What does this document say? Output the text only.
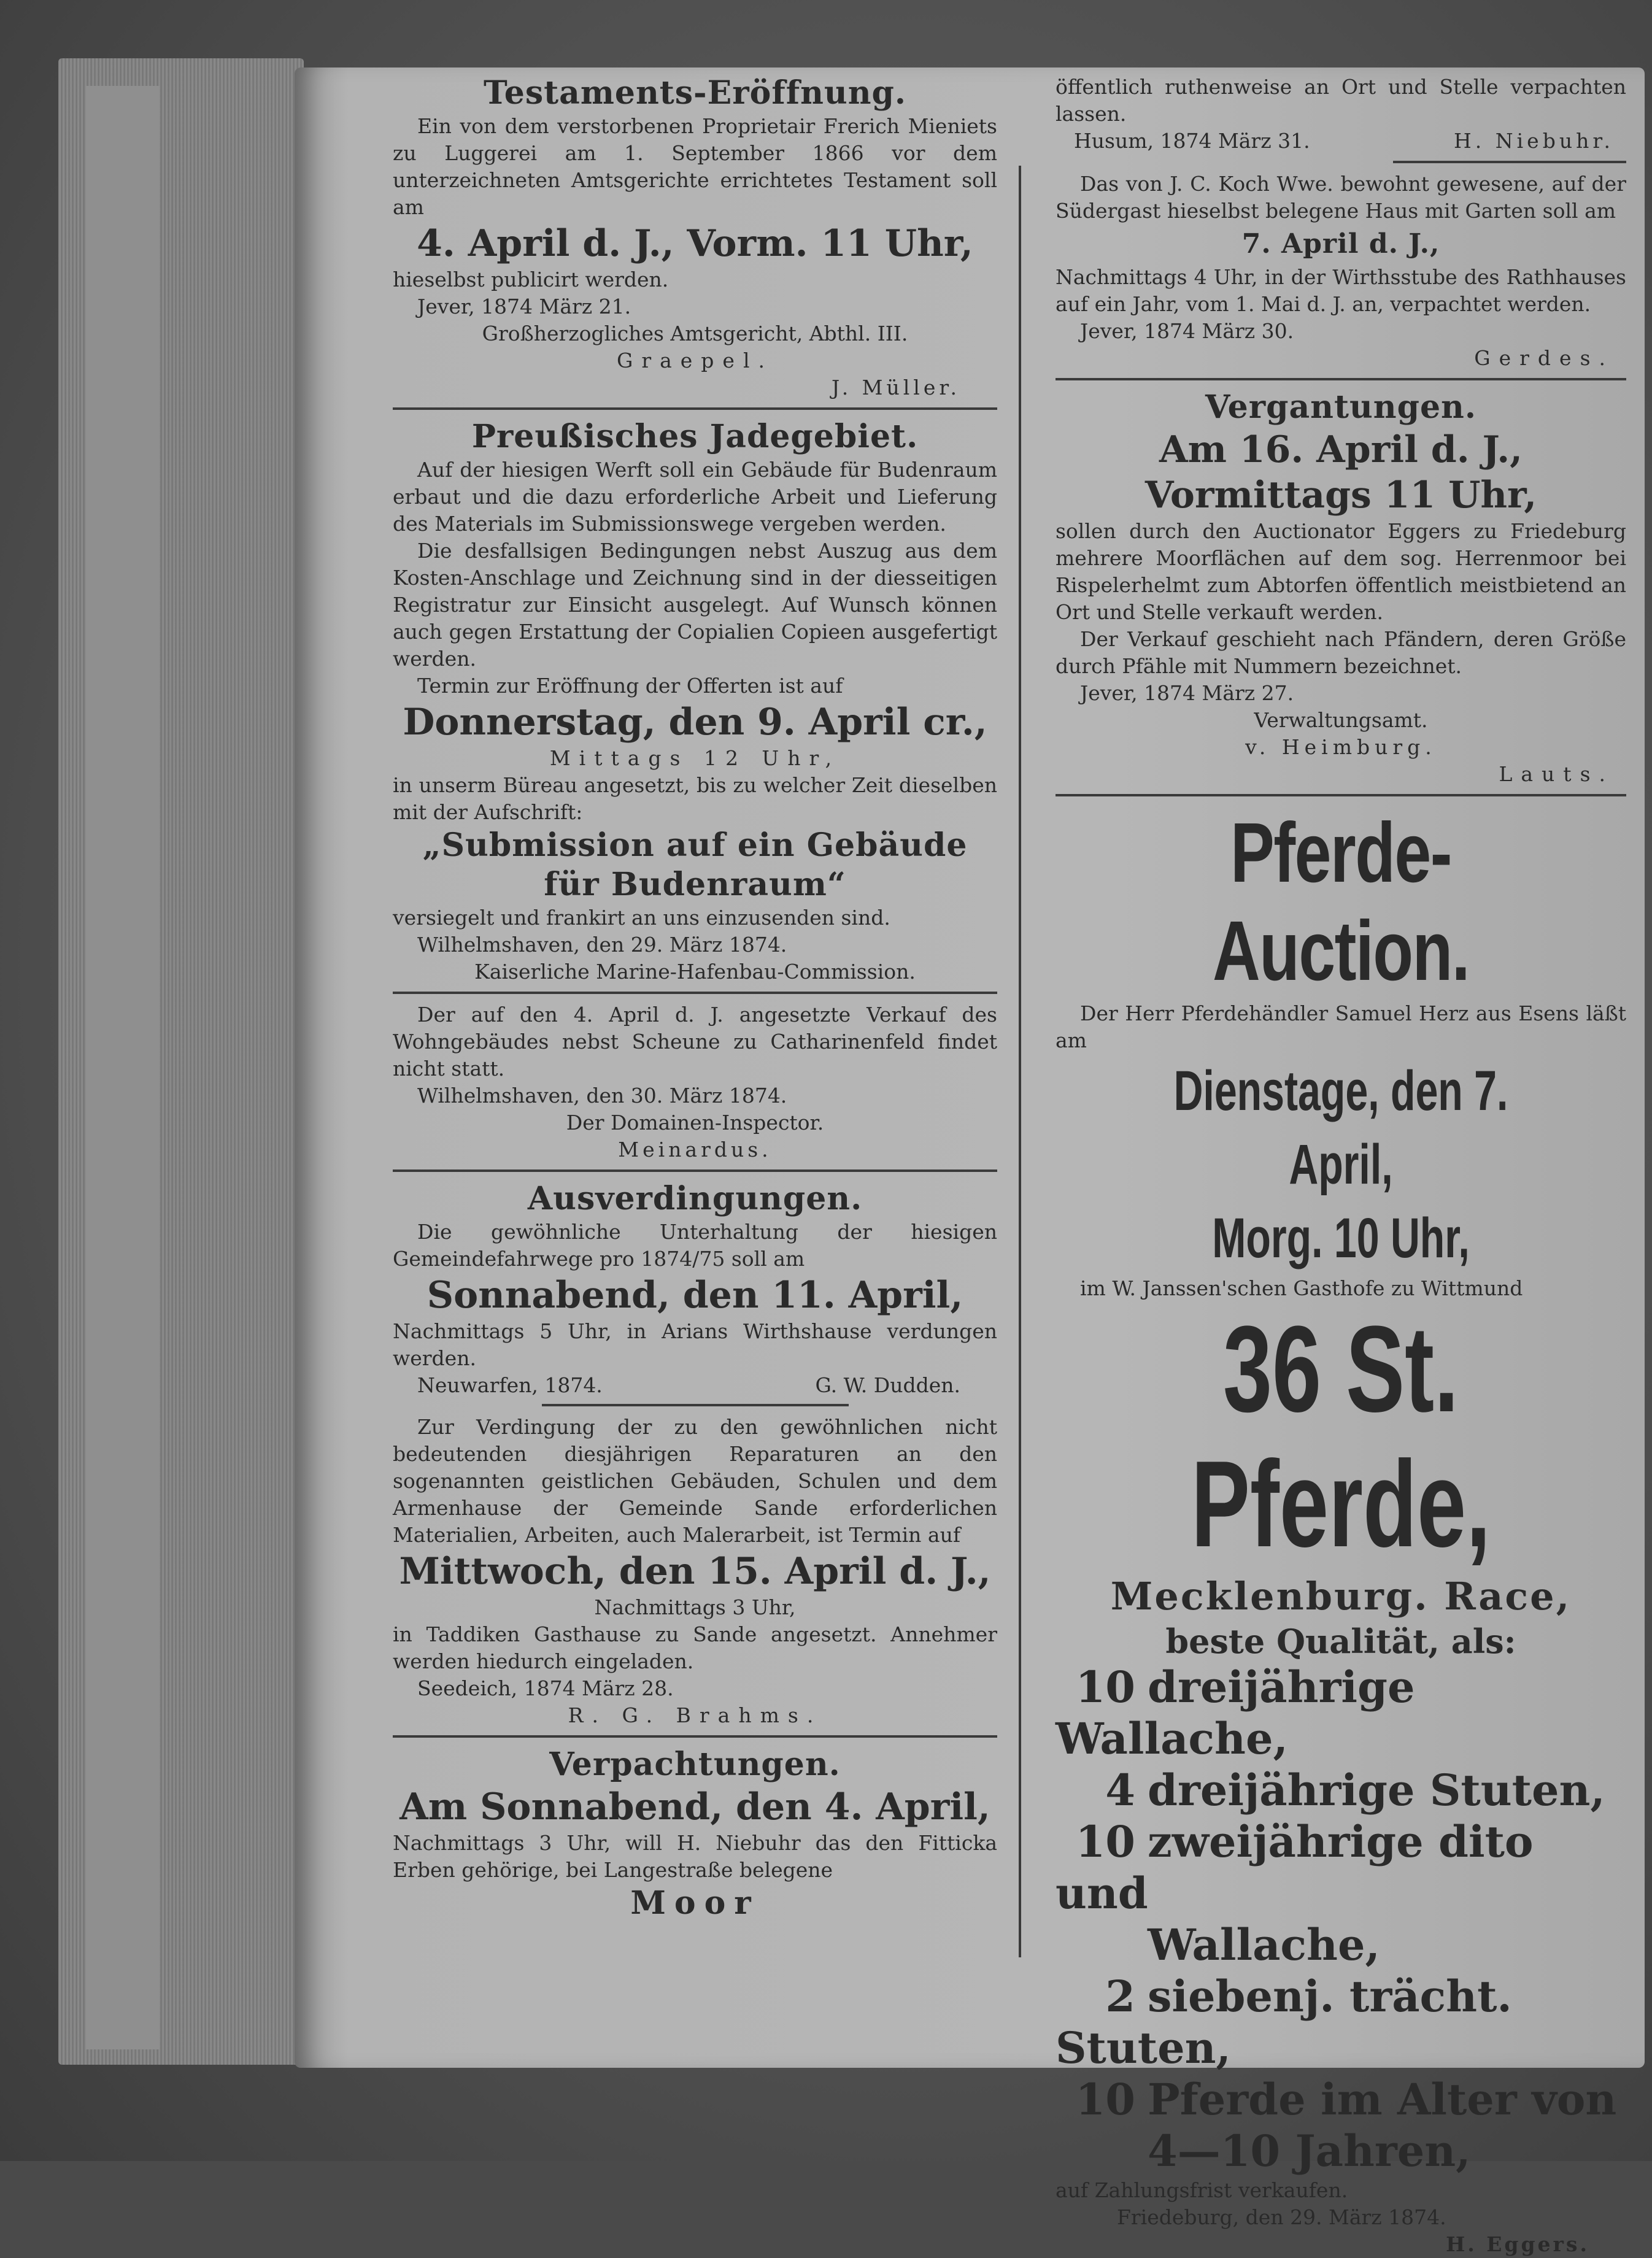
Testaments-Eröffnung.

Ein von dem verstorbenen Proprietair Frerich Mieniets zu Luggerei am 1. September 1866 vor dem unterzeichneten Amtsgerichte errichtetes Testament soll am

4. April d. J., Vorm. 11 Uhr,

hieselbst publicirt werden.

Jever, 1874 März 21.

Großherzogliches Amtsgericht, Abthl. III.

Graepel.

J. Müller.

Preußisches Jadegebiet.

Auf der hiesigen Werft soll ein Gebäude für Budenraum erbaut und die dazu erforderliche Arbeit und Lieferung des Materials im Submissionswege vergeben werden.

Die desfallsigen Bedingungen nebst Auszug aus dem Kosten-Anschlage und Zeichnung sind in der diesseitigen Registratur zur Einsicht ausgelegt. Auf Wunsch können auch gegen Erstattung der Copialien Copieen ausgefertigt werden.

Termin zur Eröffnung der Offerten ist auf

Donnerstag, den 9. April cr.,
Mittags 12 Uhr,

in unserm Büreau angesetzt, bis zu welcher Zeit dieselben mit der Aufschrift:

„Submission auf ein Gebäude
für Budenraum“

versiegelt und frankirt an uns einzusenden sind.

Wilhelmshaven, den 29. März 1874.

Kaiserliche Marine-Hafenbau-Commission.

Der auf den 4. April d. J. angesetzte Verkauf des Wohngebäudes nebst Scheune zu Catharinenfeld findet nicht statt.

Wilhelmshaven, den 30. März 1874.

Der Domainen-Inspector.

Meinardus.

Ausverdingungen.

Die gewöhnliche Unterhaltung der hiesigen Gemeindefahrwege pro 1874/75 soll am

Sonnabend, den 11. April,

Nachmittags 5 Uhr, in Arians Wirthshause verdungen werden.

Neuwarfen, 1874.	G. W. Dudden.

Zur Verdingung der zu den gewöhnlichen nicht bedeutenden diesjährigen Reparaturen an den sogenannten geistlichen Gebäuden, Schulen und dem Armenhause der Gemeinde Sande erforderlichen Materialien, Arbeiten, auch Malerarbeit, ist Termin auf

Mittwoch, den 15. April d. J.,
Nachmittags 3 Uhr,

in Taddiken Gasthause zu Sande angesetzt. Annehmer werden hiedurch eingeladen.

Seedeich, 1874 März 28.

R. G. Brahms.

Verpachtungen.
Am Sonnabend, den 4. April,

Nachmittags 3 Uhr, will H. Niebuhr das den Fitticka Erben gehörige, bei Langestraße belegene

Moor

öffentlich ruthenweise an Ort und Stelle verpachten lassen.

Husum, 1874 März 31.	H. Niebuhr.

Das von J. C. Koch Wwe. bewohnt gewesene, auf der Südergast hieselbst belegene Haus mit Garten soll am

7. April d. J.,

Nachmittags 4 Uhr, in der Wirthsstube des Rathhauses auf ein Jahr, vom 1. Mai d. J. an, verpachtet werden.

Jever, 1874 März 30.

Gerdes.

Vergantungen.
Am 16. April d. J.,
Vormittags 11 Uhr,

sollen durch den Auctionator Eggers zu Friedeburg mehrere Moorflächen auf dem sog. Herrenmoor bei Rispelerhelmt zum Abtorfen öffentlich meistbietend an Ort und Stelle verkauft werden.

Der Verkauf geschieht nach Pfändern, deren Größe durch Pfähle mit Nummern bezeichnet.

Jever, 1874 März 27.

Verwaltungsamt.

v. Heimburg.

Lauts.

Pferde-Auction.

Der Herr Pferdehändler Samuel Herz aus Esens läßt am

Dienstage, den 7. April,
Morg. 10 Uhr,

im W. Janssen'schen Gasthofe zu Wittmund

36 St. Pferde,
Mecklenburg. Race,
beste Qualität, als:
10 dreijährige Wallache,
4 dreijährige Stuten,
10 zweijährige dito und
Wallache,
2 siebenj. trächt. Stuten,
10 Pferde im Alter von
4—10 Jahren,

auf Zahlungsfrist verkaufen.

Friedeburg, den 29. März 1874.

H. Eggers.
